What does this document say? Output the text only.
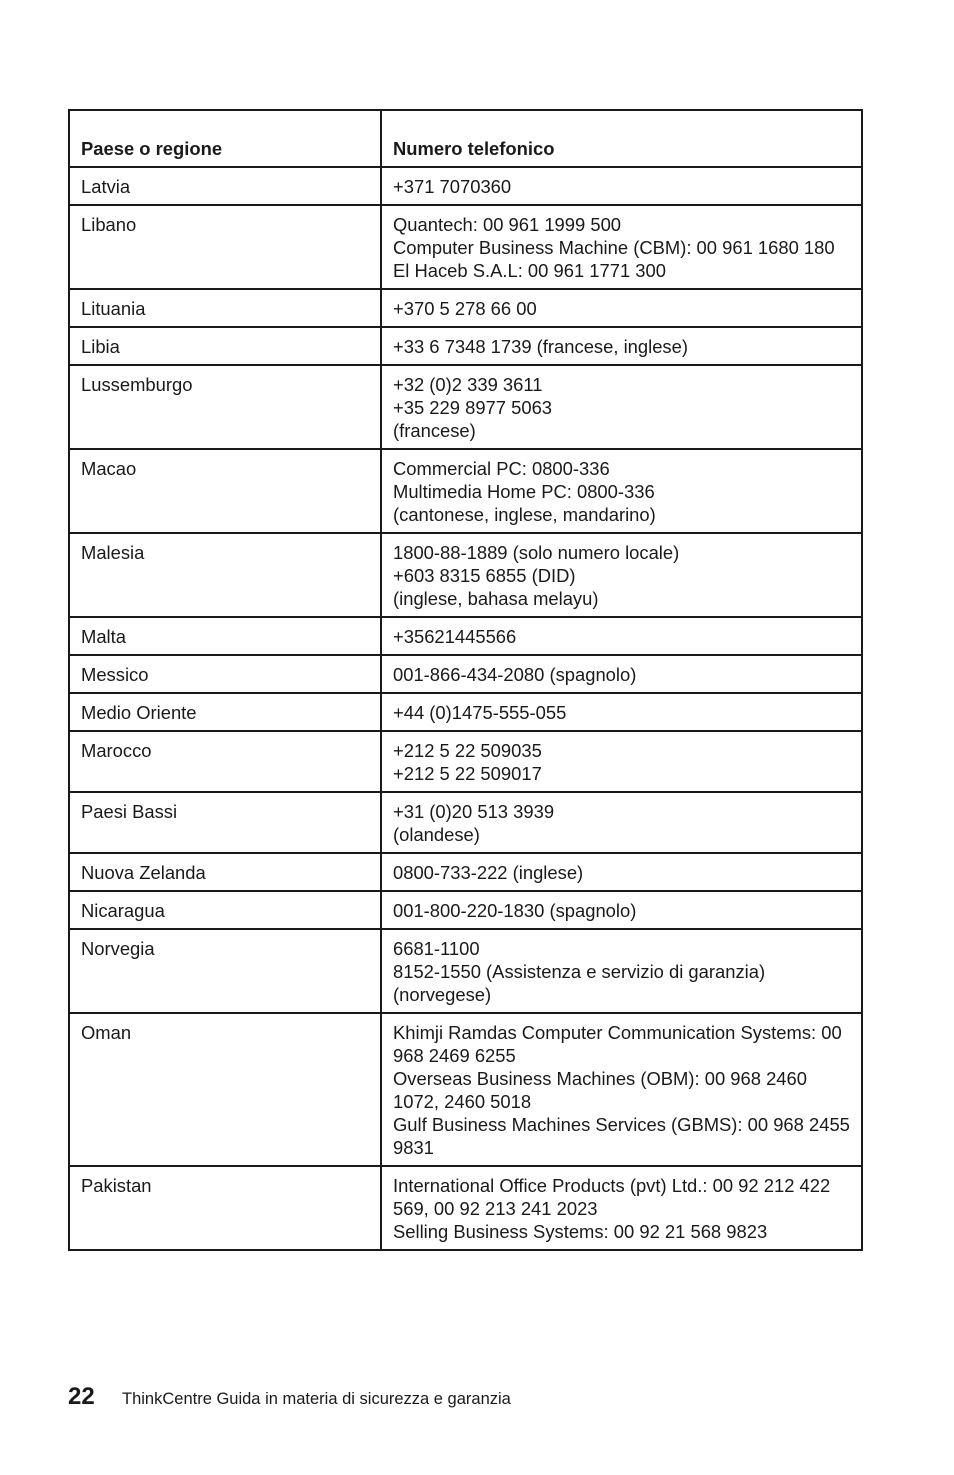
Paese o regione	Numero telefonico
Latvia	+371 7070360
Libano	Quantech: 00 961 1999 500
Computer Business Machine (CBM): 00 961 1680 180
El Haceb S.A.L: 00 961 1771 300
Lituania	+370 5 278 66 00
Libia	+33 6 7348 1739 (francese, inglese)
Lussemburgo	+32 (0)2 339 3611
+35 229 8977 5063
(francese)
Macao	Commercial PC: 0800-336
Multimedia Home PC: 0800-336
(cantonese, inglese, mandarino)
Malesia	1800-88-1889 (solo numero locale)
+603 8315 6855 (DID)
(inglese, bahasa melayu)
Malta	+35621445566
Messico	001-866-434-2080 (spagnolo)
Medio Oriente	+44 (0)1475-555-055
Marocco	+212 5 22 509035
+212 5 22 509017
Paesi Bassi	+31 (0)20 513 3939
(olandese)
Nuova Zelanda	0800-733-222 (inglese)
Nicaragua	001-800-220-1830 (spagnolo)
Norvegia	6681-1100
8152-1550 (Assistenza e servizio di garanzia)
(norvegese)
Oman	Khimji Ramdas Computer Communication Systems: 00 968 2469 6255
Overseas Business Machines (OBM): 00 968 2460 1072, 2460 5018
Gulf Business Machines Services (GBMS): 00 968 2455 9831
Pakistan	International Office Products (pvt) Ltd.: 00 92 212 422 569, 00 92 213 241 2023
Selling Business Systems: 00 92 21 568 9823
22 ThinkCentre Guida in materia di sicurezza e garanzia
